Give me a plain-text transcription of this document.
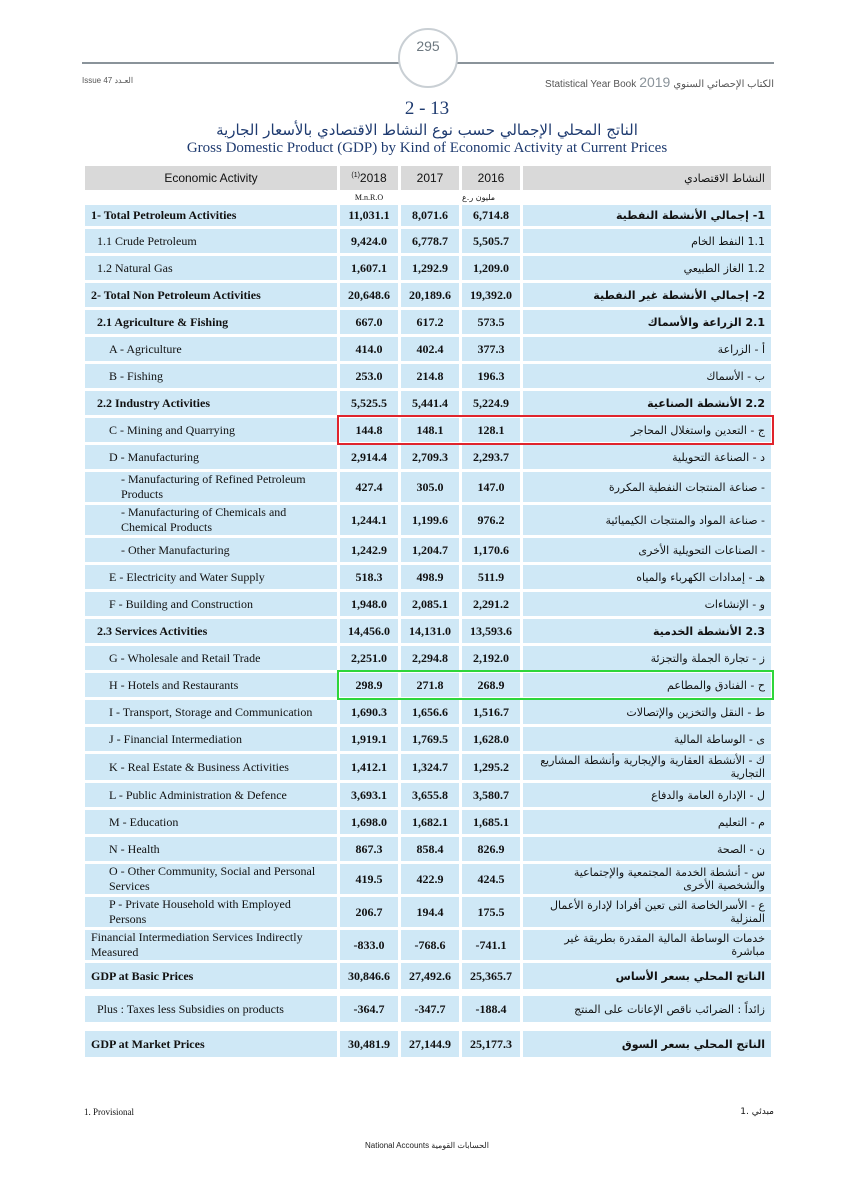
295
Issue 47 العـدد	Statistical Year Book 2019 الكتاب الإحصائي السنوي
2 - 13
الناتج المحلي الإجمالي حسب نوع النشاط الاقتصادي بالأسعار الجارية
Gross Domestic Product (GDP) by Kind of Economic Activity at Current Prices
Economic Activity	$^{(1)}$2018	2017	2016	النشاط الاقتصادي
	M.n.R.O		مليون ر.ع	
1- Total Petroleum Activities	11,031.1	8,071.6	6,714.8	1- إجمالي الأنشطة النفطية
1.1 Crude Petroleum	9,424.0	6,778.7	5,505.7	1.1 النفط الخام
1.2 Natural Gas	1,607.1	1,292.9	1,209.0	1.2 الغاز الطبيعي
2- Total Non Petroleum Activities	20,648.6	20,189.6	19,392.0	2- إجمالي الأنشطة غير النفطية
2.1 Agriculture & Fishing	667.0	617.2	573.5	2.1 الزراعة والأسماك
A - Agriculture	414.0	402.4	377.3	أ - الزراعة
B - Fishing	253.0	214.8	196.3	ب - الأسماك
2.2 Industry Activities	5,525.5	5,441.4	5,224.9	2.2 الأنشطة الصناعية
C - Mining and Quarrying	144.8	148.1	128.1	ج - التعدين واستغلال المحاجر
D - Manufacturing	2,914.4	2,709.3	2,293.7	د - الصناعة التحويلية
- Manufacturing of Refined Petroleum Products	427.4	305.0	147.0	- صناعة المنتجات النفطية المكررة
- Manufacturing of Chemicals and Chemical Products	1,244.1	1,199.6	976.2	- صناعة المواد والمنتجات الكيميائية
- Other Manufacturing	1,242.9	1,204.7	1,170.6	- الصناعات التحويلية الأخرى
E - Electricity and Water Supply	518.3	498.9	511.9	هـ - إمدادات الكهرباء والمياه
F - Building and Construction	1,948.0	2,085.1	2,291.2	و - الإنشاءات
2.3 Services Activities	14,456.0	14,131.0	13,593.6	2.3 الأنشطة الخدمية
G - Wholesale and Retail Trade	2,251.0	2,294.8	2,192.0	ز - تجارة الجملة والتجزئة
H - Hotels and Restaurants	298.9	271.8	268.9	ح - الفنادق والمطاعم
I - Transport, Storage and Communication	1,690.3	1,656.6	1,516.7	ط - النقل والتخزين والإتصالات
J - Financial Intermediation	1,919.1	1,769.5	1,628.0	ى - الوساطة المالية
K - Real Estate & Business Activities	1,412.1	1,324.7	1,295.2	ك - الأنشطة العقارية والإيجارية وأنشطة المشاريع التجارية
L - Public Administration & Defence	3,693.1	3,655.8	3,580.7	ل - الإدارة العامة والدفاع
M - Education	1,698.0	1,682.1	1,685.1	م - التعليم
N - Health	867.3	858.4	826.9	ن - الصحة
O - Other Community, Social and Personal Services	419.5	422.9	424.5	س - أنشطة الخدمة المجتمعية والإجتماعية والشخصية الأخرى
P - Private Household with Employed Persons	206.7	194.4	175.5	ع - الأسرالخاصة التى تعين أفرادا لإدارة الأعمال المنزلية
Financial Intermediation Services Indirectly Measured	-833.0	-768.6	-741.1	خدمات الوساطة المالية المقدرة بطريقة غير مباشرة
GDP at Basic Prices	30,846.6	27,492.6	25,365.7	الناتج المحلي بسعر الأساس

Plus : Taxes less Subsidies on products	-364.7	-347.7	-188.4	زائداً : الضرائب ناقص الإعانات على المنتج

GDP at Market Prices	30,481.9	27,144.9	25,177.3	الناتج المحلي بسعر السوق
1. Provisional	1. مبدئي
National Accounts الحسابات القومية
